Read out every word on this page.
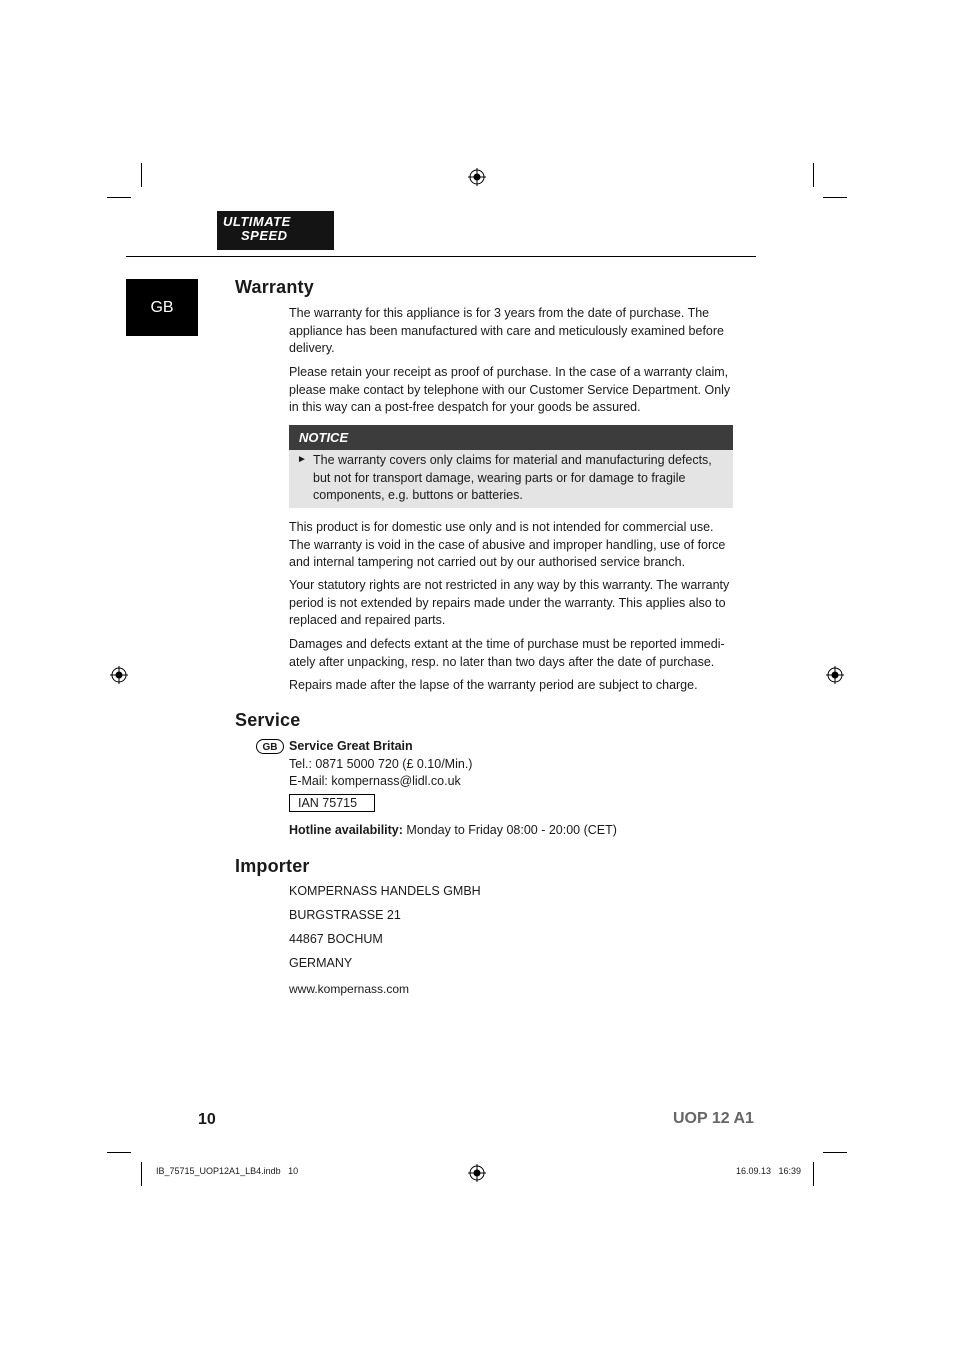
ULTIMATE
SPEED
GB
Warranty

The warranty for this appliance is for 3 years from the date of purchase. The appliance has been manufactured with care and meticulously examined before delivery.

Please retain your receipt as proof of purchase. In the case of a warranty claim, please make contact by telephone with our Customer Service Department. Only in this way can a post-free despatch for your goods be assured.

NOTICE
► The warranty covers only claims for material and manufacturing defects, but not for transport damage, wearing parts or for damage to fragile components, e.g. buttons or batteries.

This product is for domestic use only and is not intended for commercial use. The warranty is void in the case of abusive and improper handling, use of force and internal tampering not carried out by our authorised service branch.

Your statutory rights are not restricted in any way by this warranty. The warranty period is not extended by repairs made under the warranty. This applies also to replaced and repaired parts.

Damages and defects extant at the time of purchase must be reported immedi-ately after unpacking, resp. no later than two days after the date of purchase.

Repairs made after the lapse of the warranty period are subject to charge.

Service
GB Service Great Britain
Tel.: 0871 5000 720 (£ 0.10/Min.)
E-Mail: kompernass@lidl.co.uk
IAN 75715
Hotline availability: Monday to Friday 08:00 - 20:00 (CET)
Importer
KOMPERNASS HANDELS GMBH
BURGSTRASSE 21
44867 BOCHUM
GERMANY
www.kompernass.com
10	UOP 12 A1
IB_75715_UOP12A1_LB4.indb   10	16.09.13   16:39
